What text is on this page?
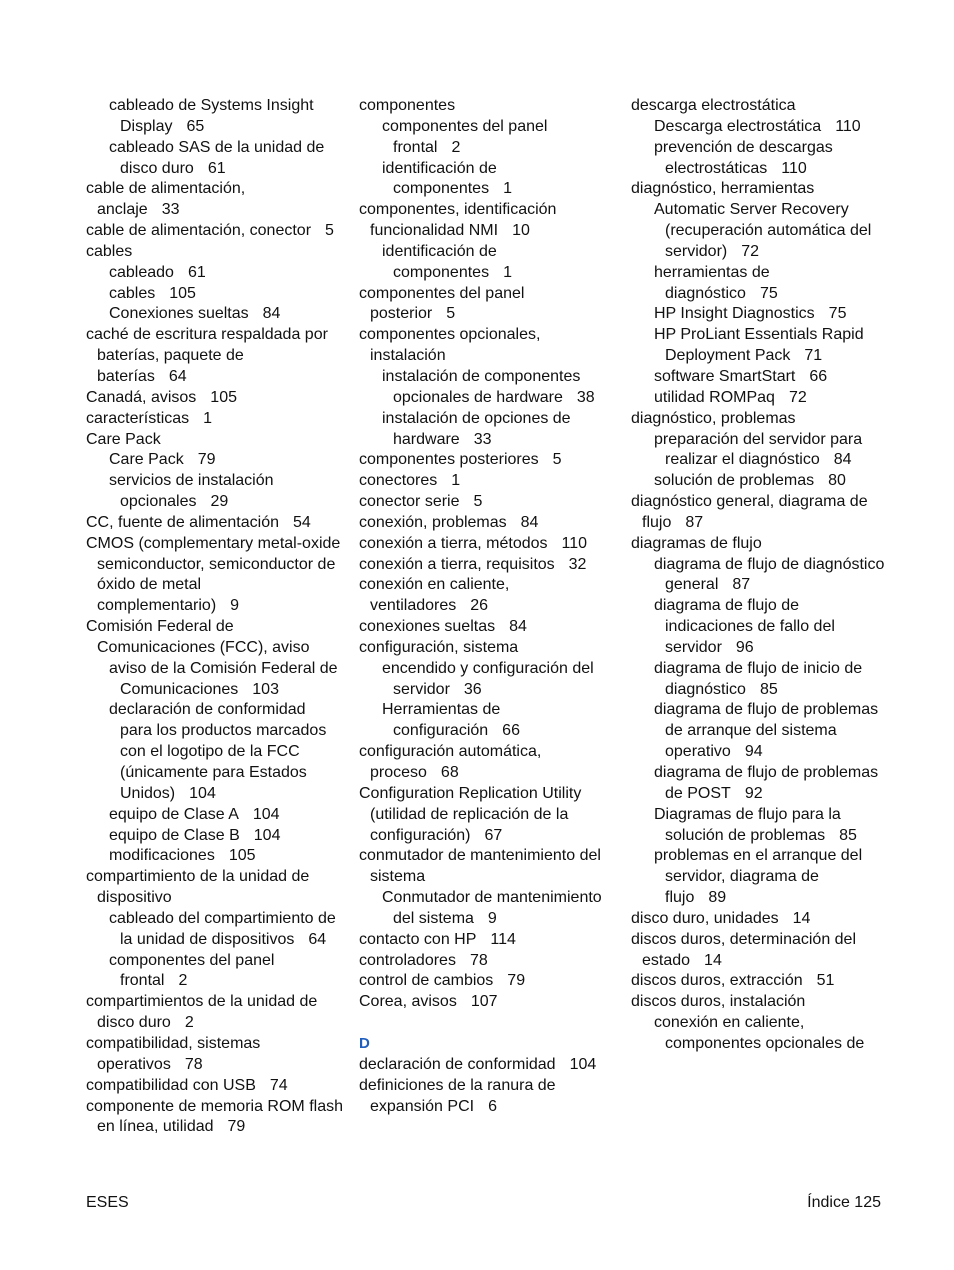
cableado de Systems Insight
Display 65
cableado SAS de la unidad de
disco duro 61
cable de alimentación,
anclaje 33
cable de alimentación, conector 5
cables
cableado 61
cables 105
Conexiones sueltas 84
caché de escritura respaldada por
baterías, paquete de
baterías 64
Canadá, avisos 105
características 1
Care Pack
Care Pack 79
servicios de instalación
opcionales 29
CC, fuente de alimentación 54
CMOS (complementary metal-oxide
semiconductor, semiconductor de
óxido de metal
complementario) 9
Comisión Federal de
Comunicaciones (FCC), aviso
aviso de la Comisión Federal de
Comunicaciones 103
declaración de conformidad
para los productos marcados
con el logotipo de la FCC
(únicamente para Estados
Unidos) 104
equipo de Clase A 104
equipo de Clase B 104
modificaciones 105
compartimiento de la unidad de
dispositivo
cableado del compartimiento de
la unidad de dispositivos 64
componentes del panel
frontal 2
compartimientos de la unidad de
disco duro 2
compatibilidad, sistemas
operativos 78
compatibilidad con USB 74
componente de memoria ROM flash
en línea, utilidad 79
componentes
componentes del panel
frontal 2
identificación de
componentes 1
componentes, identificación
funcionalidad NMI 10
identificación de
componentes 1
componentes del panel
posterior 5
componentes opcionales,
instalación
instalación de componentes
opcionales de hardware 38
instalación de opciones de
hardware 33
componentes posteriores 5
conectores 1
conector serie 5
conexión, problemas 84
conexión a tierra, métodos 110
conexión a tierra, requisitos 32
conexión en caliente,
ventiladores 26
conexiones sueltas 84
configuración, sistema
encendido y configuración del
servidor 36
Herramientas de
configuración 66
configuración automática,
proceso 68
Configuration Replication Utility
(utilidad de replicación de la
configuración) 67
conmutador de mantenimiento del
sistema
Conmutador de mantenimiento
del sistema 9
contacto con HP 114
controladores 78
control de cambios 79
Corea, avisos 107
D
declaración de conformidad 104
definiciones de la ranura de
expansión PCI 6
descarga electrostática
Descarga electrostática 110
prevención de descargas
electrostáticas 110
diagnóstico, herramientas
Automatic Server Recovery
(recuperación automática del
servidor) 72
herramientas de
diagnóstico 75
HP Insight Diagnostics 75
HP ProLiant Essentials Rapid
Deployment Pack 71
software SmartStart 66
utilidad ROMPaq 72
diagnóstico, problemas
preparación del servidor para
realizar el diagnóstico 84
solución de problemas 80
diagnóstico general, diagrama de
flujo 87
diagramas de flujo
diagrama de flujo de diagnóstico
general 87
diagrama de flujo de
indicaciones de fallo del
servidor 96
diagrama de flujo de inicio de
diagnóstico 85
diagrama de flujo de problemas
de arranque del sistema
operativo 94
diagrama de flujo de problemas
de POST 92
Diagramas de flujo para la
solución de problemas 85
problemas en el arranque del
servidor, diagrama de
flujo 89
disco duro, unidades 14
discos duros, determinación del
estado 14
discos duros, extracción 51
discos duros, instalación
conexión en caliente,
componentes opcionales de
ESES	Índice 125
